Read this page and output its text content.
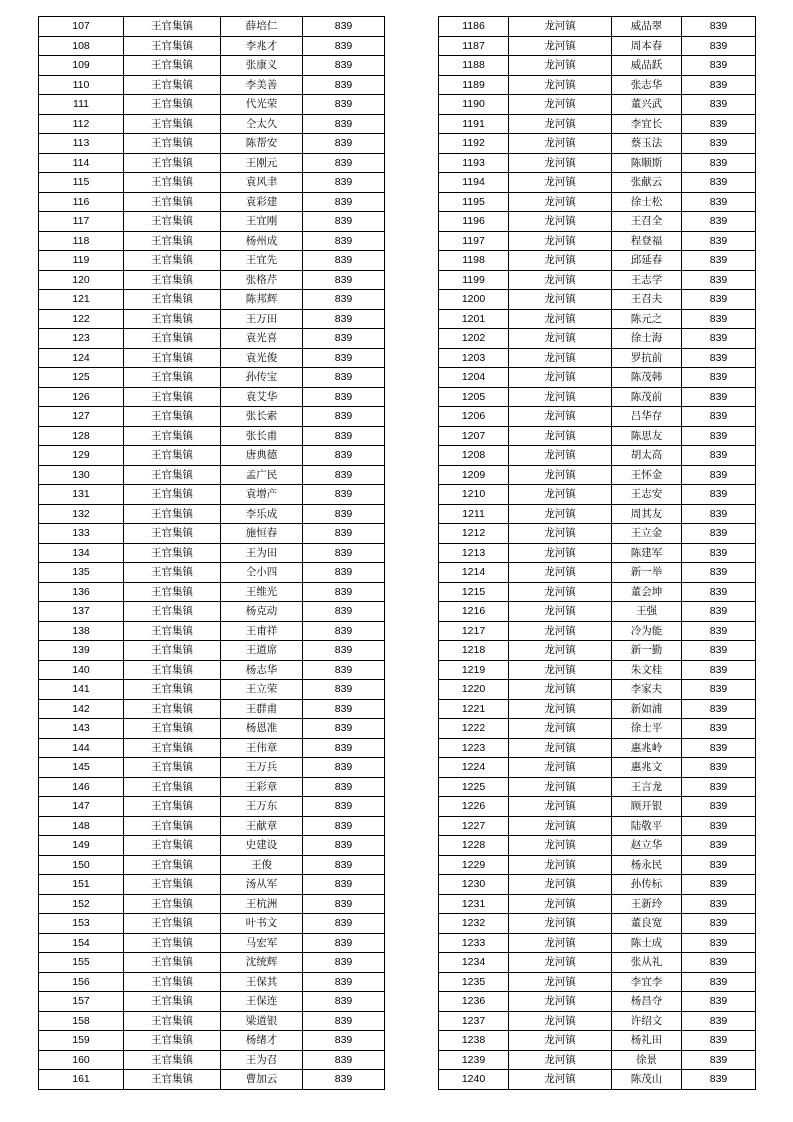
107	王官集镇	薛培仁	839
108	王官集镇	李兆才	839
109	王官集镇	张康义	839
110	王官集镇	李美善	839
111	王官集镇	代光荣	839
112	王官集镇	仝太久	839
113	王官集镇	陈帮安	839
114	王官集镇	王刚元	839
115	王官集镇	袁风聿	839
116	王官集镇	袁彩建	839
117	王官集镇	王宜刚	839
118	王官集镇	杨州成	839
119	王官集镇	王宜先	839
120	王官集镇	张格芹	839
121	王官集镇	陈邦辉	839
122	王官集镇	王万田	839
123	王官集镇	袁光喜	839
124	王官集镇	袁光俊	839
125	王官集镇	孙传宝	839
126	王官集镇	袁艾华	839
127	王官集镇	张长索	839
128	王官集镇	张长甫	839
129	王官集镇	唐典德	839
130	王官集镇	孟广民	839
131	王官集镇	袁增产	839
132	王官集镇	李乐成	839
133	王官集镇	施恒春	839
134	王官集镇	王为田	839
135	王官集镇	仝小四	839
136	王官集镇	王维光	839
137	王官集镇	杨克动	839
138	王官集镇	王甫祥	839
139	王官集镇	王道席	839
140	王官集镇	杨志华	839
141	王官集镇	王立荣	839
142	王官集镇	王群甫	839
143	王官集镇	杨恩准	839
144	王官集镇	王伟章	839
145	王官集镇	王万兵	839
146	王官集镇	王彩章	839
147	王官集镇	王万东	839
148	王官集镇	王献章	839
149	王官集镇	史建设	839
150	王官集镇	王俊	839
151	王官集镇	汤从军	839
152	王官集镇	王杭洲	839
153	王官集镇	叶书文	839
154	王官集镇	马宏军	839
155	王官集镇	沈统辉	839
156	王官集镇	王保其	839
157	王官集镇	王保连	839
158	王官集镇	梁道银	839
159	王官集镇	杨绪才	839
160	王官集镇	王为召	839
161	王官集镇	曹加云	839
1186	龙河镇	威品翠	839
1187	龙河镇	周本春	839
1188	龙河镇	威品跃	839
1189	龙河镇	张志华	839
1190	龙河镇	董兴武	839
1191	龙河镇	李宜长	839
1192	龙河镇	蔡玉法	839
1193	龙河镇	陈顺斯	839
1194	龙河镇	张献云	839
1195	龙河镇	徐士松	839
1196	龙河镇	王召全	839
1197	龙河镇	程登福	839
1198	龙河镇	邱延春	839
1199	龙河镇	王志学	839
1200	龙河镇	王召夫	839
1201	龙河镇	陈元之	839
1202	龙河镇	徐士海	839
1203	龙河镇	罗抗前	839
1204	龙河镇	陈茂韩	839
1205	龙河镇	陈茂前	839
1206	龙河镇	吕华存	839
1207	龙河镇	陈思友	839
1208	龙河镇	胡太高	839
1209	龙河镇	王怀金	839
1210	龙河镇	王志安	839
1211	龙河镇	周其友	839
1212	龙河镇	王立金	839
1213	龙河镇	陈建军	839
1214	龙河镇	新一举	839
1215	龙河镇	董会坤	839
1216	龙河镇	王强	839
1217	龙河镇	冷为能	839
1218	龙河镇	新一勤	839
1219	龙河镇	朱文桂	839
1220	龙河镇	李家夫	839
1221	龙河镇	新如浦	839
1222	龙河镇	徐士平	839
1223	龙河镇	惠兆岭	839
1224	龙河镇	惠兆文	839
1225	龙河镇	王言龙	839
1226	龙河镇	顾开银	839
1227	龙河镇	陆敬平	839
1228	龙河镇	赵立华	839
1229	龙河镇	杨永民	839
1230	龙河镇	孙传标	839
1231	龙河镇	王新玲	839
1232	龙河镇	董良宽	839
1233	龙河镇	陈士成	839
1234	龙河镇	张从礼	839
1235	龙河镇	李宜李	839
1236	龙河镇	杨昌夺	839
1237	龙河镇	许绍文	839
1238	龙河镇	杨礼田	839
1239	龙河镇	徐景	839
1240	龙河镇	陈茂山	839
